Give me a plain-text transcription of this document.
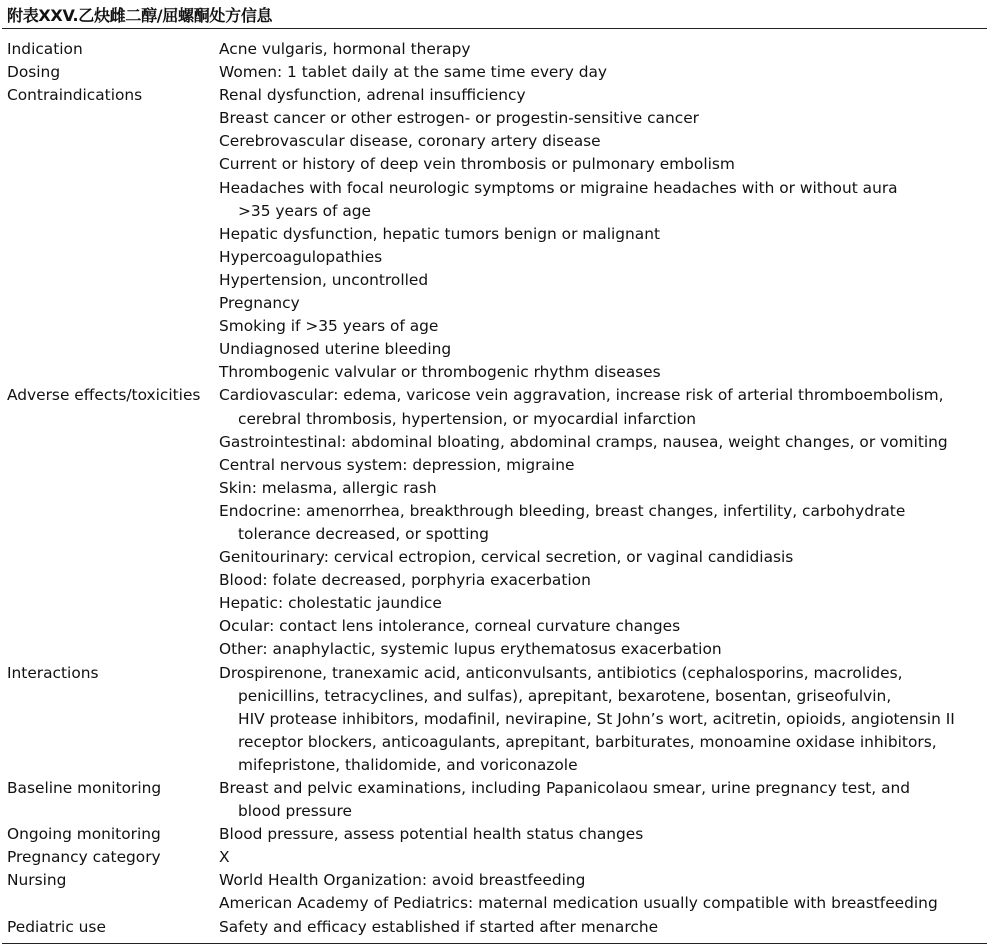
附表XXV.乙炔雌二醇/屈螺酮处方信息
Indication	Acne vulgaris, hormonal therapy
Dosing	Women: 1 tablet daily at the same time every day
Contraindications	Renal dysfunction, adrenal insufficiency
Breast cancer or other estrogen- or progestin-sensitive cancer
Cerebrovascular disease, coronary artery disease
Current or history of deep vein thrombosis or pulmonary embolism
Headaches with focal neurologic symptoms or migraine headaches with or without aura
>35 years of age
Hepatic dysfunction, hepatic tumors benign or malignant
Hypercoagulopathies
Hypertension, uncontrolled
Pregnancy
Smoking if >35 years of age
Undiagnosed uterine bleeding
Thrombogenic valvular or thrombogenic rhythm diseases
Adverse effects/toxicities	Cardiovascular: edema, varicose vein aggravation, increase risk of arterial thromboembolism,
cerebral thrombosis, hypertension, or myocardial infarction
Gastrointestinal: abdominal bloating, abdominal cramps, nausea, weight changes, or vomiting
Central nervous system: depression, migraine
Skin: melasma, allergic rash
Endocrine: amenorrhea, breakthrough bleeding, breast changes, infertility, carbohydrate
tolerance decreased, or spotting
Genitourinary: cervical ectropion, cervical secretion, or vaginal candidiasis
Blood: folate decreased, porphyria exacerbation
Hepatic: cholestatic jaundice
Ocular: contact lens intolerance, corneal curvature changes
Other: anaphylactic, systemic lupus erythematosus exacerbation
Interactions	Drospirenone, tranexamic acid, anticonvulsants, antibiotics (cephalosporins, macrolides,
penicillins, tetracyclines, and sulfas), aprepitant, bexarotene, bosentan, griseofulvin,
HIV protease inhibitors, modafinil, nevirapine, St John’s wort, acitretin, opioids, angiotensin II
receptor blockers, anticoagulants, aprepitant, barbiturates, monoamine oxidase inhibitors,
mifepristone, thalidomide, and voriconazole
Baseline monitoring	Breast and pelvic examinations, including Papanicolaou smear, urine pregnancy test, and
blood pressure
Ongoing monitoring	Blood pressure, assess potential health status changes
Pregnancy category	X
Nursing	World Health Organization: avoid breastfeeding
American Academy of Pediatrics: maternal medication usually compatible with breastfeeding
Pediatric use	Safety and efficacy established if started after menarche
